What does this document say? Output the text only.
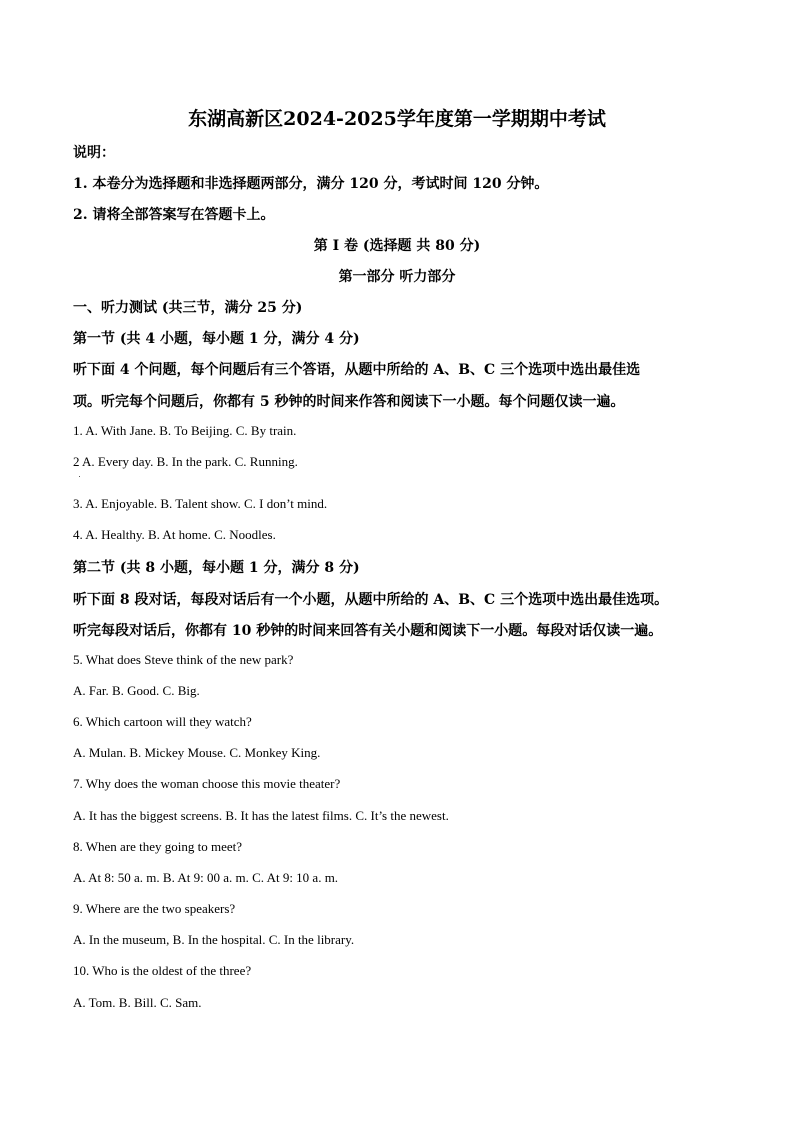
东湖高新区2024-2025学年度第一学期期中考试
说明：
1. 本卷分为选择题和非选择题两部分，满分 120 分，考试时间 120 分钟。
2. 请将全部答案写在答题卡上。
第 I 卷 (选择题 共 80 分)
第一部分 听力部分
一、听力测试 (共三节，满分 25 分)
第一节 (共 4 小题，每小题 1 分，满分 4 分)
听下面 4 个问题，每个问题后有三个答语，从题中所给的 A、B、C 三个选项中选出最佳选
项。听完每个问题后，你都有 5 秒钟的时间来作答和阅读下一小题。每个问题仅读一遍。
1. A. With Jane. B. To Beijing. C. By train.
2 A. Every day. B. In the park. C. Running.
3. A. Enjoyable. B. Talent show. C. I don’t mind.
4. A. Healthy. B. At home. C. Noodles.
第二节 (共 8 小题，每小题 1 分，满分 8 分)
听下面 8 段对话，每段对话后有一个小题，从题中所给的 A、B、C 三个选项中选出最佳选项。
听完每段对话后，你都有 10 秒钟的时间来回答有关小题和阅读下一小题。每段对话仅读一遍。
5. What does Steve think of the new park?
A. Far. B. Good. C. Big.
6. Which cartoon will they watch?
A. Mulan. B. Mickey Mouse. C. Monkey King.
7. Why does the woman choose this movie theater?
A. It has the biggest screens. B. It has the latest films. C. It’s the newest.
8. When are they going to meet?
A. At 8: 50 a. m. B. At 9: 00 a. m. C. At 9: 10 a. m.
9. Where are the two speakers?
A. In the museum, B. In the hospital. C. In the library.
10. Who is the oldest of the three?
A. Tom. B. Bill. C. Sam.
